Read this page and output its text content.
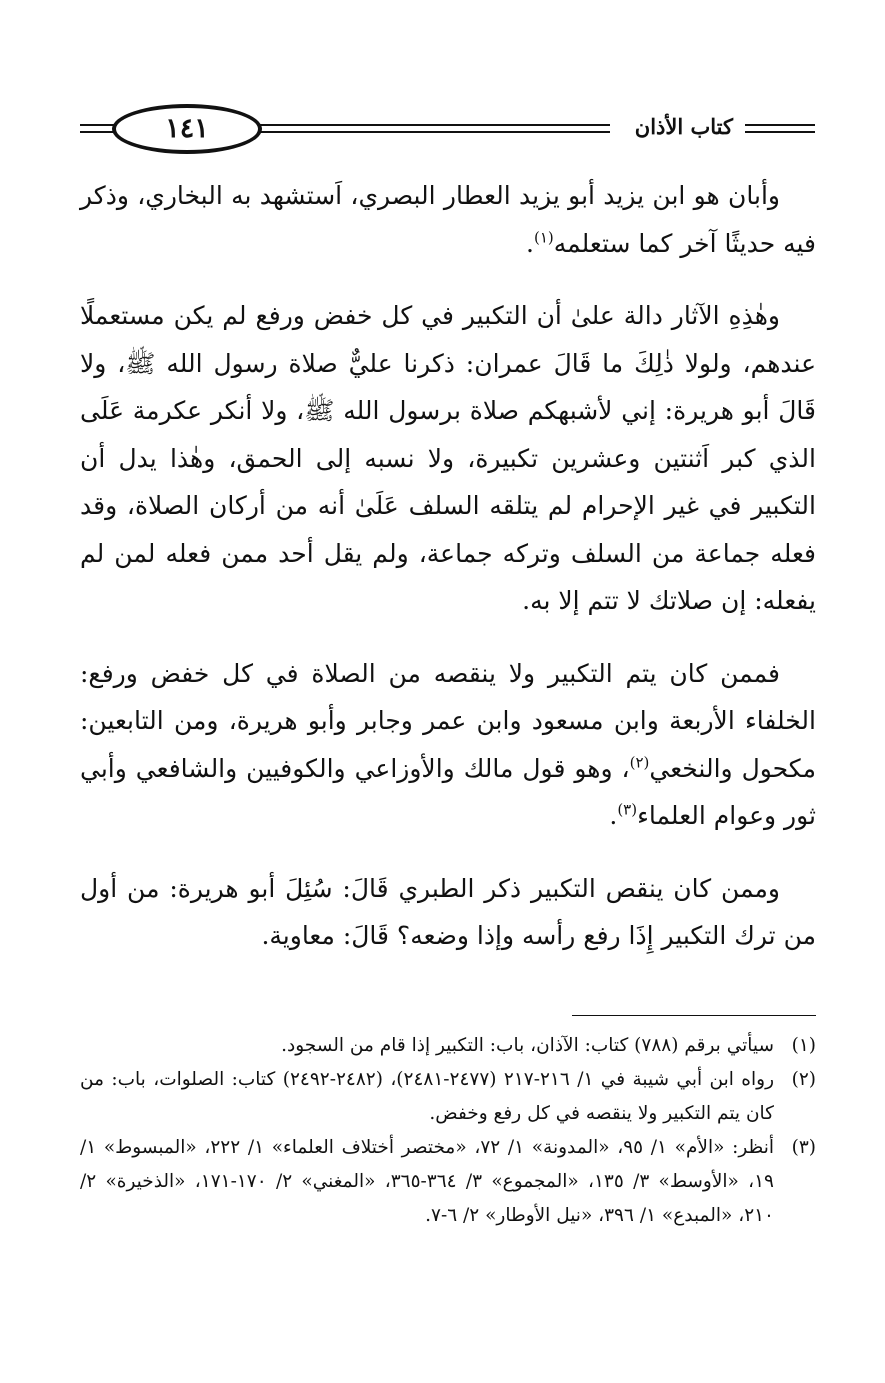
كتاب الأذان
١٤١

وأبان هو ابن يزيد أبو يزيد العطار البصري، اَستشهد به البخاري، وذكر فيه حديثًا آخر كما ستعلمه$^{(١)}$.

وهٰذِهِ الآثار دالة علىٰ أن التكبير في كل خفض ورفع لم يكن مستعملًا عندهم، ولولا ذٰلِكَ ما قَالَ عمران: ذكرنا عليٌّ صلاة رسول الله ﷺ، ولا قَالَ أبو هريرة: إني لأشبهكم صلاة برسول الله ﷺ، ولا أنكر عكرمة عَلَى الذي كبر اَثنتين وعشرين تكبيرة، ولا نسبه إلى الحمق، وهٰذا يدل أن التكبير في غير الإحرام لم يتلقه السلف عَلَىٰ أنه من أركان الصلاة، وقد فعله جماعة من السلف وتركه جماعة، ولم يقل أحد ممن فعله لمن لم يفعله: إن صلاتك لا تتم إلا به.

فممن كان يتم التكبير ولا ينقصه من الصلاة في كل خفض ورفع: الخلفاء الأربعة وابن مسعود وابن عمر وجابر وأبو هريرة، ومن التابعين: مكحول والنخعي$^{(٢)}$، وهو قول مالك والأوزاعي والكوفيين والشافعي وأبي ثور وعوام العلماء$^{(٣)}$.

وممن كان ينقص التكبير ذكر الطبري قَالَ: سُئِلَ أبو هريرة: من أول من ترك التكبير إِذَا رفع رأسه وإذا وضعه؟ قَالَ: معاوية.

(١)
سيأتي برقم (٧٨٨) كتاب: الآذان، باب: التكبير إذا قام من السجود.
(٢)
رواه ابن أبي شيبة في ١/ ٢١٦-٢١٧ (٢٤٧٧-٢٤٨١)، (٢٤٨٢-٢٤٩٢) كتاب: الصلوات، باب: من كان يتم التكبير ولا ينقصه في كل رفع وخفض.
(٣)
أنظر: «الأم» ١/ ٩٥، «المدونة» ١/ ٧٢، «مختصر أختلاف العلماء» ١/ ٢٢٢، «المبسوط» ١/ ١٩، «الأوسط» ٣/ ١٣٥، «المجموع» ٣/ ٣٦٤-٣٦٥، «المغني» ٢/ ١٧٠-١٧١، «الذخيرة» ٢/ ٢١٠، «المبدع» ١/ ٣٩٦، «نيل الأوطار» ٢/ ٦-٧.
